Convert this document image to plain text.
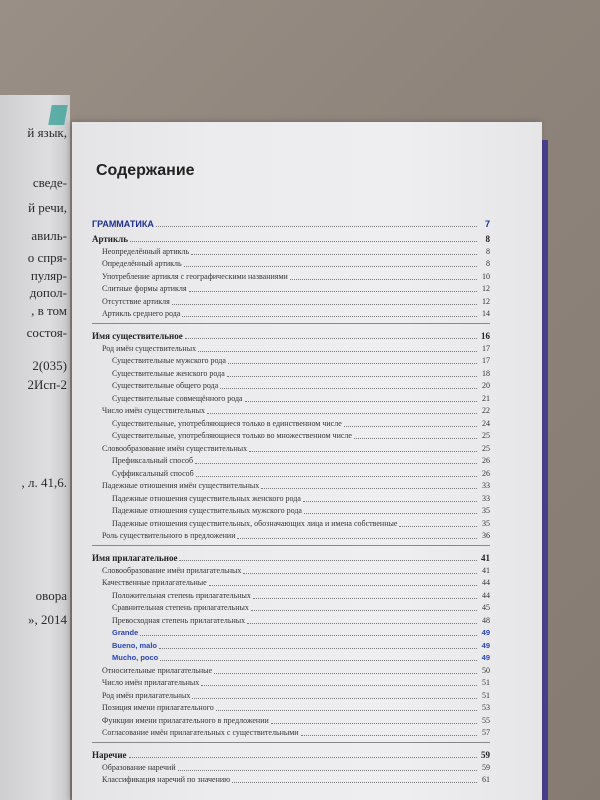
й язык,
сведе-
й речи,
авиль-
о спря-
пуляр-
допол-
, в том
состоя-
2(035)
2Исп-2
, л. 41,6.
овора
», 2014
Содержание
ГРАММАТИКА	7
Артикль	8
Неопределённый артикль	8
Определённый артикль	8
Употребление артикля с географическими названиями	10
Слитные формы артикля	12
Отсутствие артикля	12
Артикль среднего рода	14
Имя существительное	16
Род имён существительных	17
Существительные мужского рода	17
Существительные женского рода	18
Существительные общего рода	20
Существительные совмещённого рода	21
Число имён существительных	22
Существительные, употребляющиеся только в единственном числе	24
Существительные, употребляющиеся только во множественном числе	25
Словообразование имён существительных	25
Префиксальный способ	26
Суффиксальный способ	26
Падежные отношения имён существительных	33
Падежные отношения существительных женского рода	33
Падежные отношения существительных мужского рода	35
Падежные отношения существительных, обозначающих лица и имена собственные	35
Роль существительного в предложении	36
Имя прилагательное	41
Словообразование имён прилагательных	41
Качественные прилагательные	44
Положительная степень прилагательных	44
Сравнительная степень прилагательных	45
Превосходная степень прилагательных	48
Grande	49
Bueno, malo	49
Mucho, poco	49
Относительные прилагательные	50
Число имён прилагательных	51
Род имён прилагательных	51
Позиция имени прилагательного	53
Функции имени прилагательного в предложении	55
Согласование имён прилагательных с существительными	57
Наречие	59
Образование наречий	59
Классификация наречий по значению	61
